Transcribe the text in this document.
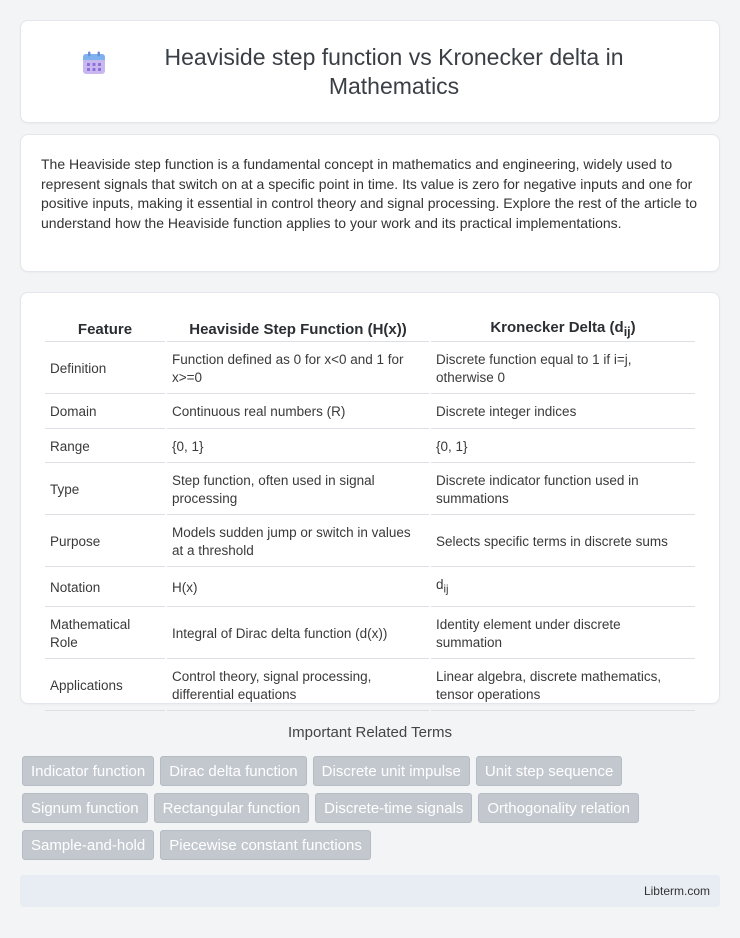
Heaviside step function vs Kronecker delta in Mathematics

The Heaviside step function is a fundamental concept in mathematics and engineering, widely used to represent signals that switch on at a specific point in time. Its value is zero for negative inputs and one for positive inputs, making it essential in control theory and signal processing. Explore the rest of the article to understand how the Heaviside function applies to your work and its practical implementations.

Feature	Heaviside Step Function (H(x))	Kronecker Delta $(d_{ij})$
Definition	Function defined as 0 for x<0 and 1 for x>=0	Discrete function equal to 1 if i=j, otherwise 0
Domain	Continuous real numbers (R)	Discrete integer indices
Range	{0, 1}	{0, 1}
Type	Step function, often used in signal processing	Discrete indicator function used in summations
Purpose	Models sudden jump or switch in values at a threshold	Selects specific terms in discrete sums
Notation	H(x)	$d_{ij}$
Mathematical Role	Integral of Dirac delta function (d(x))	Identity element under discrete summation
Applications	Control theory, signal processing, differential equations	Linear algebra, discrete mathematics, tensor operations
Important Related Terms
Indicator function	Dirac delta function	Discrete unit impulse	Unit step sequence
Signum function	Rectangular function	Discrete-time signals	Orthogonality relation
Sample-and-hold	Piecewise constant functions
Libterm.com
